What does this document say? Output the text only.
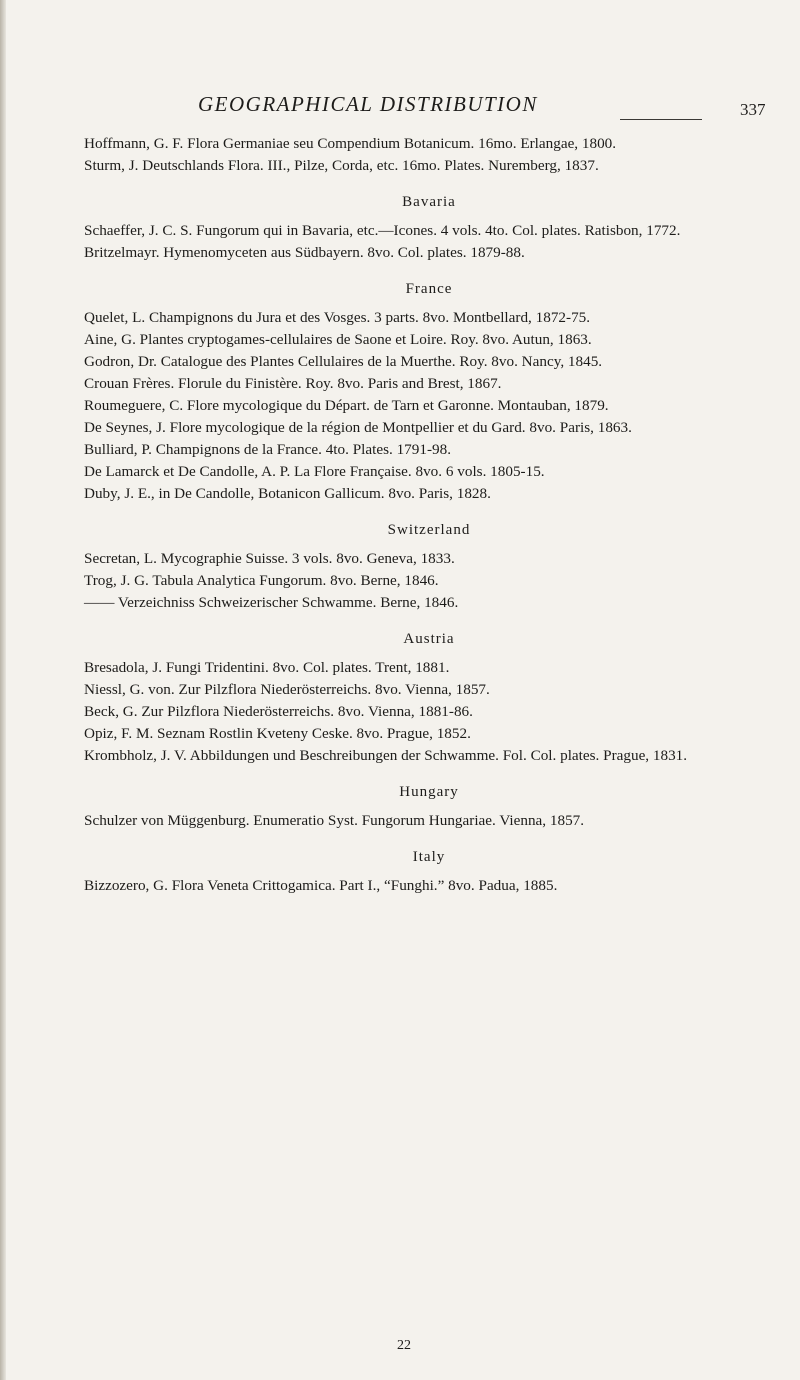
GEOGRAPHICAL DISTRIBUTION	337
Hoffmann, G. F. Flora Germaniae seu Compendium Botanicum. 16mo. Erlangae, 1800.
Sturm, J. Deutschlands Flora. III., Pilze, Corda, etc. 16mo. Plates. Nuremberg, 1837.
Bavaria
Schaeffer, J. C. S. Fungorum qui in Bavaria, etc.—Icones. 4 vols. 4to. Col. plates. Ratisbon, 1772.
Britzelmayr. Hymenomyceten aus Südbayern. 8vo. Col. plates. 1879-88.
France
Quelet, L. Champignons du Jura et des Vosges. 3 parts. 8vo. Montbellard, 1872-75.
Aine, G. Plantes cryptogames-cellulaires de Saone et Loire. Roy. 8vo. Autun, 1863.
Godron, Dr. Catalogue des Plantes Cellulaires de la Muerthe. Roy. 8vo. Nancy, 1845.
Crouan Frères. Florule du Finistère. Roy. 8vo. Paris and Brest, 1867.
Roumeguere, C. Flore mycologique du Départ. de Tarn et Garonne. Montauban, 1879.
De Seynes, J. Flore mycologique de la région de Montpellier et du Gard. 8vo. Paris, 1863.
Bulliard, P. Champignons de la France. 4to. Plates. 1791-98.
De Lamarck et De Candolle, A. P. La Flore Française. 8vo. 6 vols. 1805-15.
Duby, J. E., in De Candolle, Botanicon Gallicum. 8vo. Paris, 1828.
Switzerland
Secretan, L. Mycographie Suisse. 3 vols. 8vo. Geneva, 1833.
Trog, J. G. Tabula Analytica Fungorum. 8vo. Berne, 1846.
—— Verzeichniss Schweizerischer Schwamme. Berne, 1846.
Austria
Bresadola, J. Fungi Tridentini. 8vo. Col. plates. Trent, 1881.
Niessl, G. von. Zur Pilzflora Niederösterreichs. 8vo. Vienna, 1857.
Beck, G. Zur Pilzflora Niederösterreichs. 8vo. Vienna, 1881-86.
Opiz, F. M. Seznam Rostlin Kveteny Ceske. 8vo. Prague, 1852.
Krombholz, J. V. Abbildungen und Beschreibungen der Schwamme. Fol. Col. plates. Prague, 1831.
Hungary
Schulzer von Müggenburg. Enumeratio Syst. Fungorum Hungariae. Vienna, 1857.
Italy
Bizzozero, G. Flora Veneta Crittogamica. Part I., “Funghi.” 8vo. Padua, 1885.
22
